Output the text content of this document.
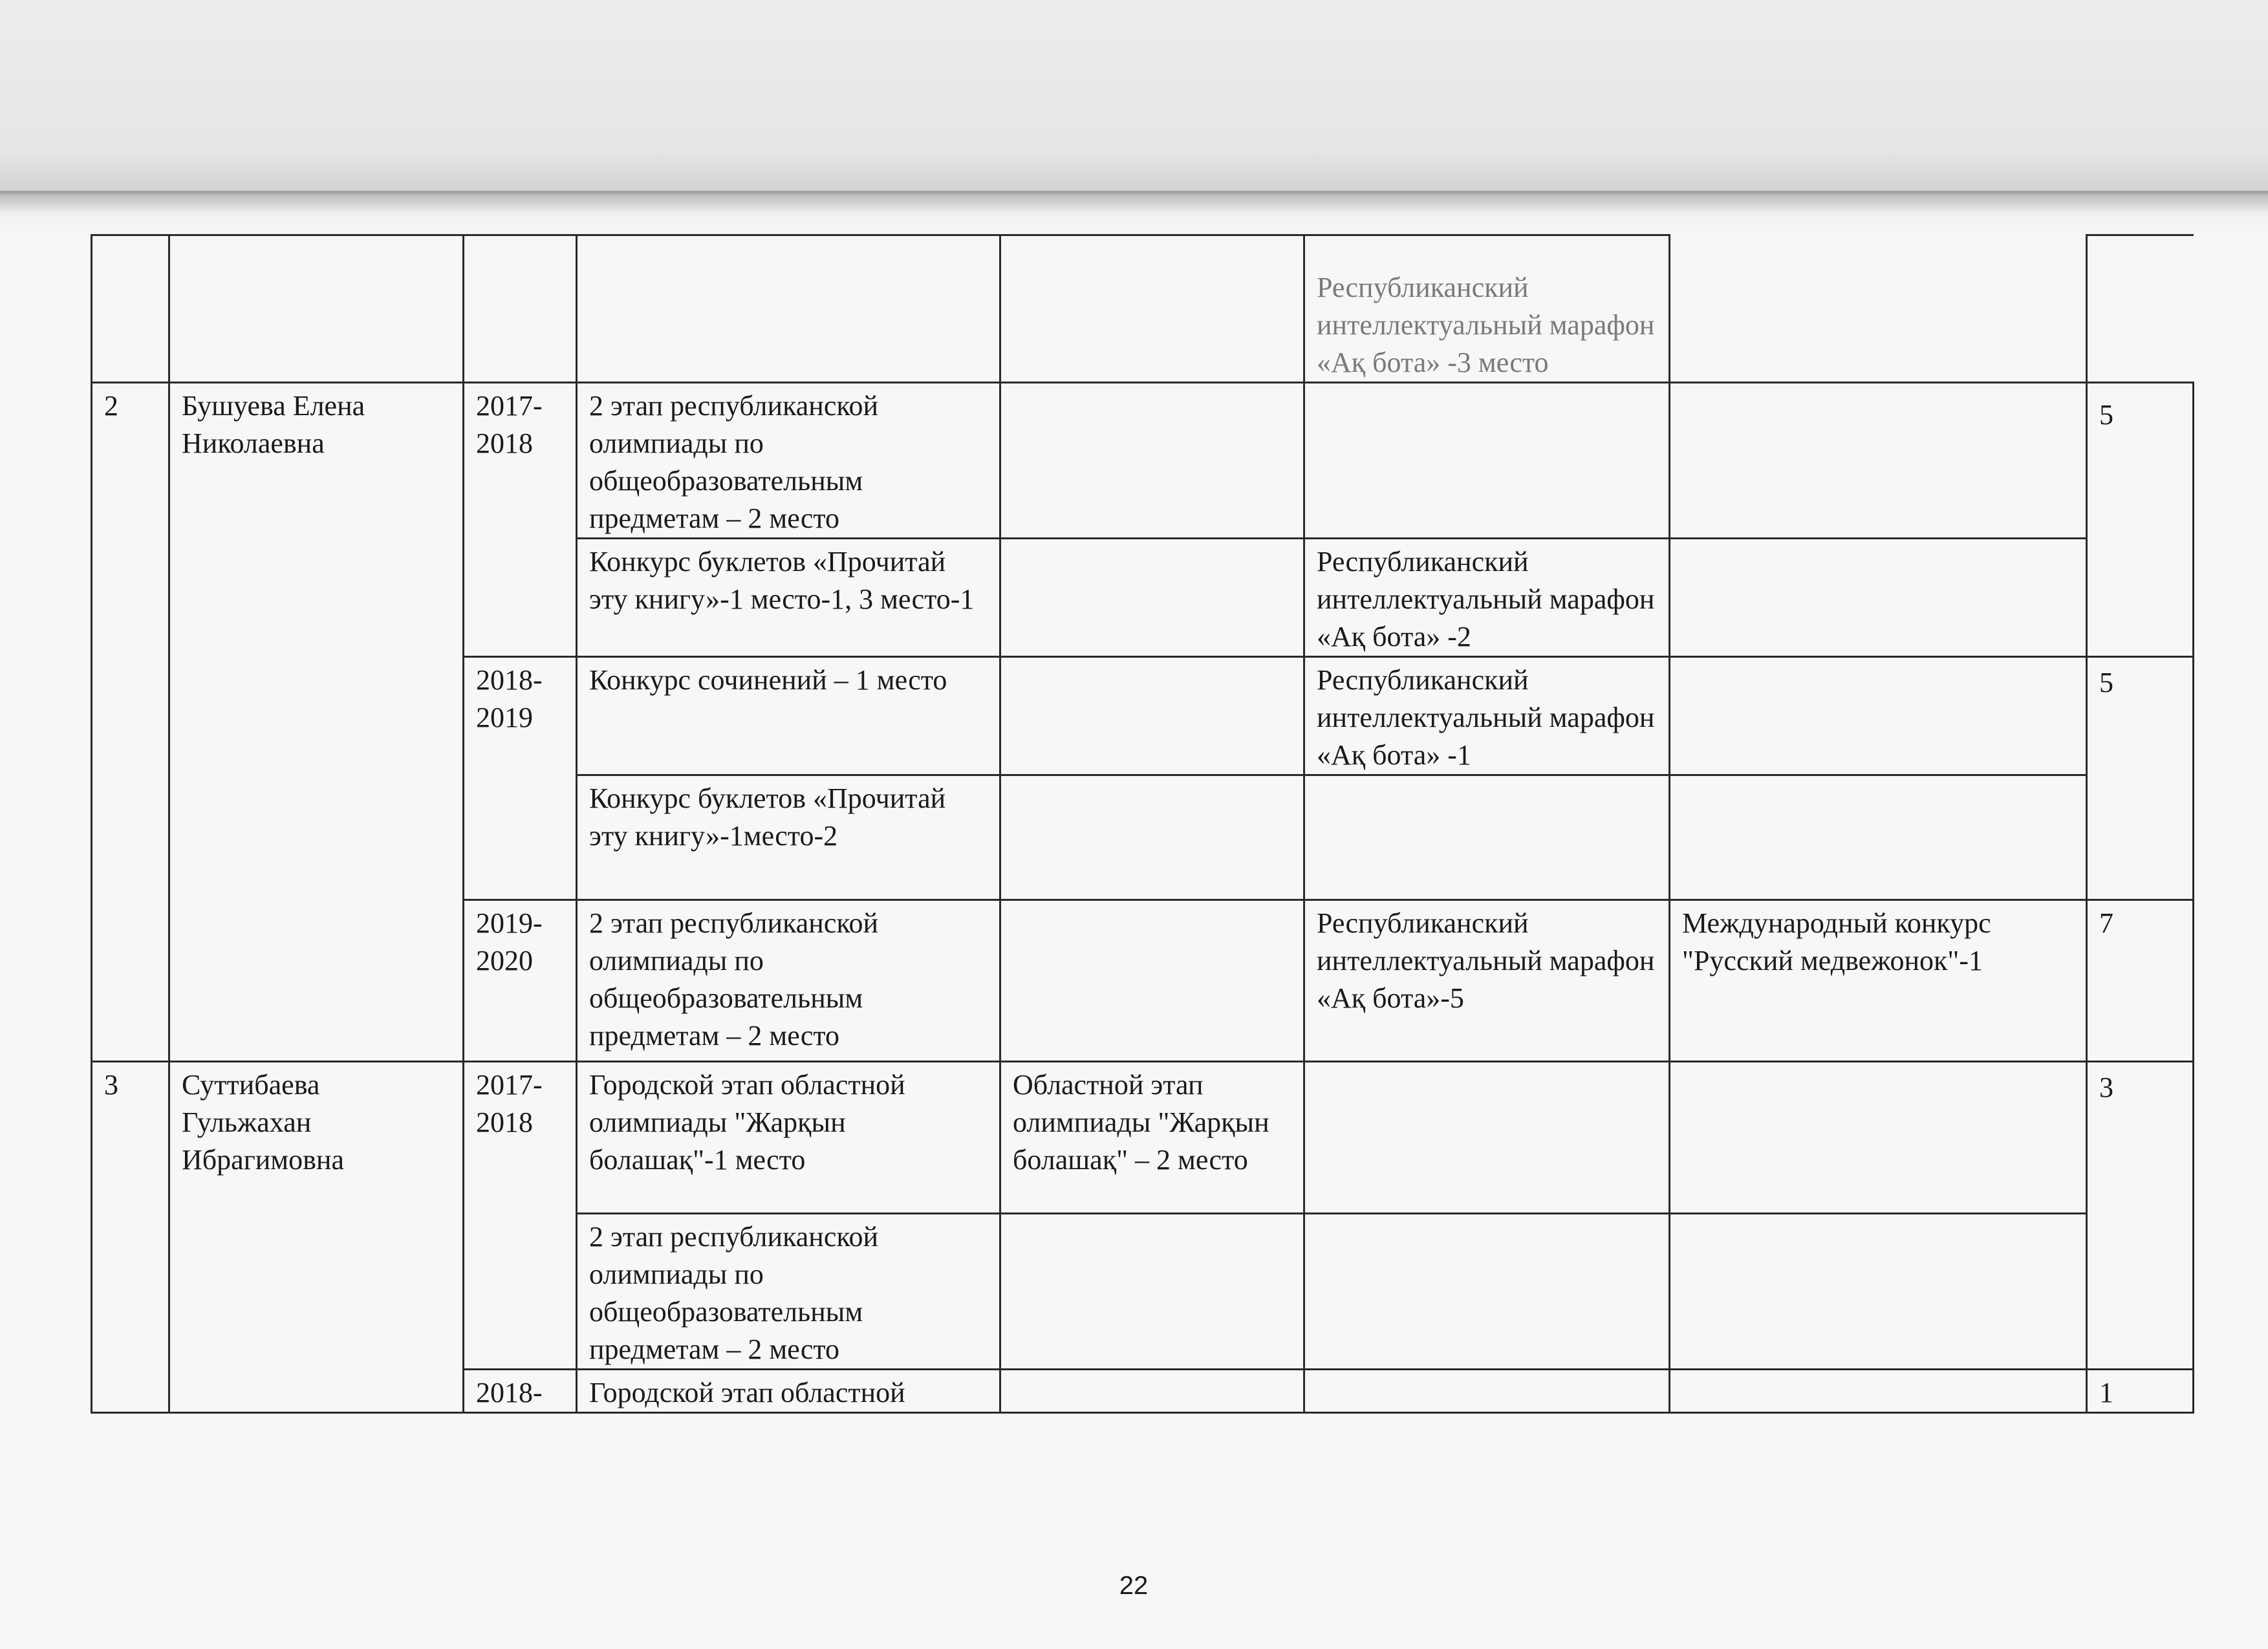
					Республиканский интеллектуальный марафон «Ақ бота» -3 место		
2	Бушуева Елена Николаевна	2017-2018	2 этап республиканской олимпиады по общеобразовательным предметам – 2 место				5
			Конкурс буклетов «Прочитай эту книгу»-1 место-1, 3 место-1		Республиканский интеллектуальный марафон «Ақ бота» -2		
		2018-2019	Конкурс сочинений – 1 место		Республиканский интеллектуальный марафон «Ақ бота» -1		5
			Конкурс буклетов «Прочитай эту книгу»-1место-2				
		2019-2020	2 этап республиканской олимпиады по общеобразовательным предметам – 2 место		Республиканский интеллектуальный марафон «Ақ бота»-5	Международный конкурс "Русский медвежонок"-1	7
3	Суттибаева Гульжахан Ибрагимовна	2017-2018	Городской этап областной олимпиады "Жарқын болашақ"-1 место	Областной этап олимпиады "Жарқын болашақ" – 2 место			3
			2 этап республиканской олимпиады по общеобразовательным предметам – 2 место				
		2018-	Городской этап областной				1
22
